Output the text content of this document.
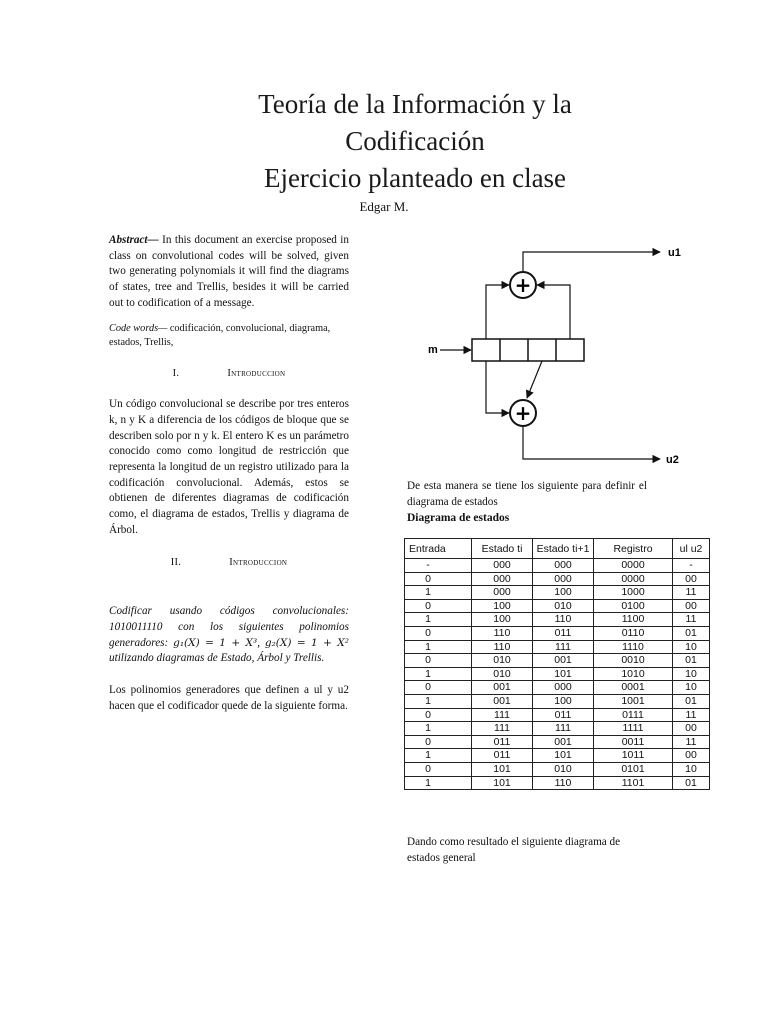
Teoría de la Información y la
Codificación
Ejercicio planteado en clase
Edgar M.

Abstract— In this document an exercise proposed in class on convolutional codes will be solved, given two generating polynomials it will find the diagrams of states, tree and Trellis, besides it will be carried out to codification of a message.

Code words— codificación, convolucional, diagrama, estados, Trellis,

I.	Introduccion

Un código convolucional se describe por tres enteros k, n y K a diferencia de los códigos de bloque que se describen solo por n y k. El entero K es un parámetro conocido como como longitud de restricción que representa la longitud de un registro utilizado para la codificación convolucional. Además, estos se obtienen de diferentes diagramas de codificación como, el diagrama de estados, Trellis y diagrama de Árbol.

II.	Introduccion

Codificar usando códigos convolucionales: 1010011110 con los siguientes polinomios generadores: g₁(X) = 1 + X³, g₂(X) = 1 + X² utilizando diagramas de Estado, Árbol y Trellis.

Los polinomios generadores que definen a ul y u2 hacen que el codificador quede de la siguiente forma.

m
+
u1
+
u2

De esta manera se tiene los siguiente para definir el diagrama de estados

Diagrama de estados

Entrada	Estado ti	Estado ti+1	Registro	ul u2
-	000	000	0000	-
0	000	000	0000	00
1	000	100	1000	11
0	100	010	0100	00
1	100	110	1100	11
0	110	011	0110	01
1	110	111	1110	10
0	010	001	0010	01
1	010	101	1010	10
0	001	000	0001	10
1	001	100	1001	01
0	111	011	0111	11
1	111	111	1111	00
0	011	001	0011	11
1	011	101	1011	00
0	101	010	0101	10
1	101	110	1101	01

Dando como resultado el siguiente diagrama de estados general
